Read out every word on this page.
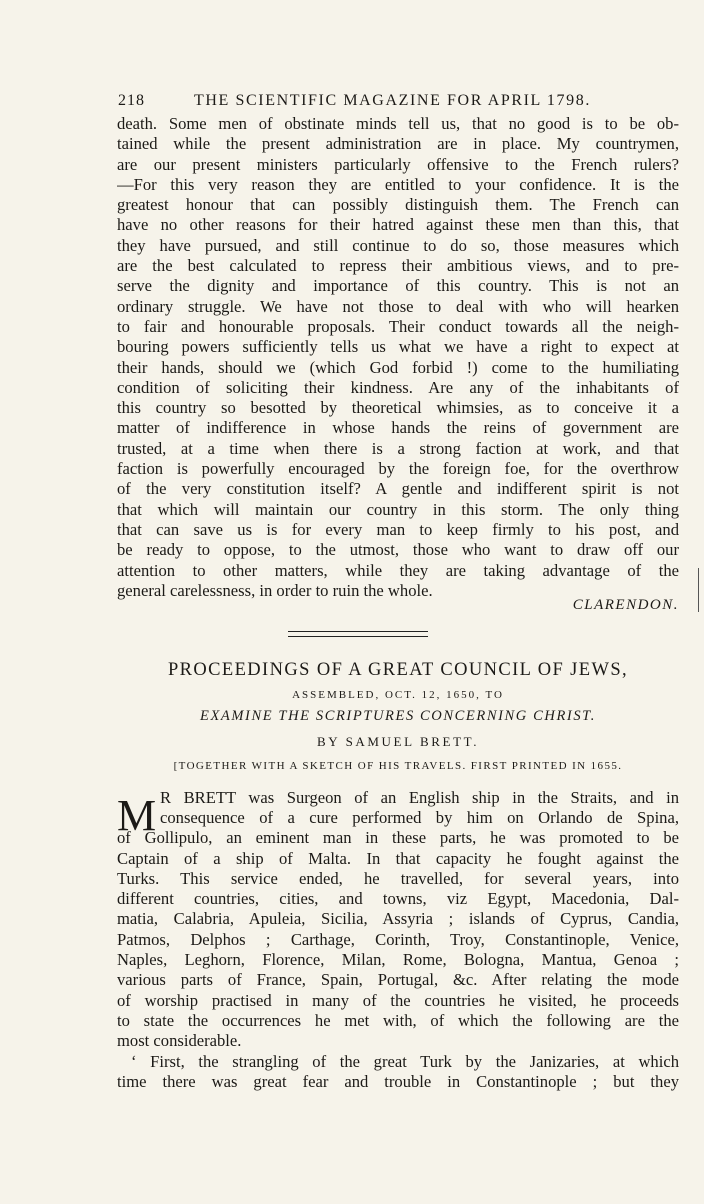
218	THE SCIENTIFIC MAGAZINE FOR APRIL 1798.
death. Some men of obstinate minds tell us, that no good is to be ob-
tained while the present administration are in place. My countrymen,
are our present ministers particularly offensive to the French rulers?
—For this very reason they are entitled to your confidence. It is the
greatest honour that can possibly distinguish them. The French can
have no other reasons for their hatred against these men than this, that
they have pursued, and still continue to do so, those measures which
are the best calculated to repress their ambitious views, and to pre-
serve the dignity and importance of this country. This is not an
ordinary struggle. We have not those to deal with who will hearken
to fair and honourable proposals. Their conduct towards all the neigh-
bouring powers sufficiently tells us what we have a right to expect at
their hands, should we (which God forbid !) come to the humiliating
condition of soliciting their kindness. Are any of the inhabitants of
this country so besotted by theoretical whimsies, as to conceive it a
matter of indifference in whose hands the reins of government are
trusted, at a time when there is a strong faction at work, and that
faction is powerfully encouraged by the foreign foe, for the overthrow
of the very constitution itself? A gentle and indifferent spirit is not
that which will maintain our country in this storm. The only thing
that can save us is for every man to keep firmly to his post, and
be ready to oppose, to the utmost, those who want to draw off our
attention to other matters, while they are taking advantage of the
general carelessness, in order to ruin the whole.
CLARENDON.
PROCEEDINGS OF A GREAT COUNCIL OF JEWS,
ASSEMBLED, OCT. 12, 1650, TO
EXAMINE THE SCRIPTURES CONCERNING CHRIST.
BY SAMUEL BRETT.
[TOGETHER WITH A SKETCH OF HIS TRAVELS. FIRST PRINTED IN 1655.
M R BRETT was Surgeon of an English ship in the Straits, and in
consequence of a cure performed by him on Orlando de Spina,
of Gollipulo, an eminent man in these parts, he was promoted to be
Captain of a ship of Malta. In that capacity he fought against the
Turks. This service ended, he travelled, for several years, into
different countries, cities, and towns, viz Egypt, Macedonia, Dal-
matia, Calabria, Apuleia, Sicilia, Assyria ; islands of Cyprus, Candia,
Patmos, Delphos ; Carthage, Corinth, Troy, Constantinople, Venice,
Naples, Leghorn, Florence, Milan, Rome, Bologna, Mantua, Genoa ;
various parts of France, Spain, Portugal, &c. After relating the mode
of worship practised in many of the countries he visited, he proceeds
to state the occurrences he met with, of which the following are the
most considerable.
‘ First, the strangling of the great Turk by the Janizaries, at which
time there was great fear and trouble in Constantinople ; but they
